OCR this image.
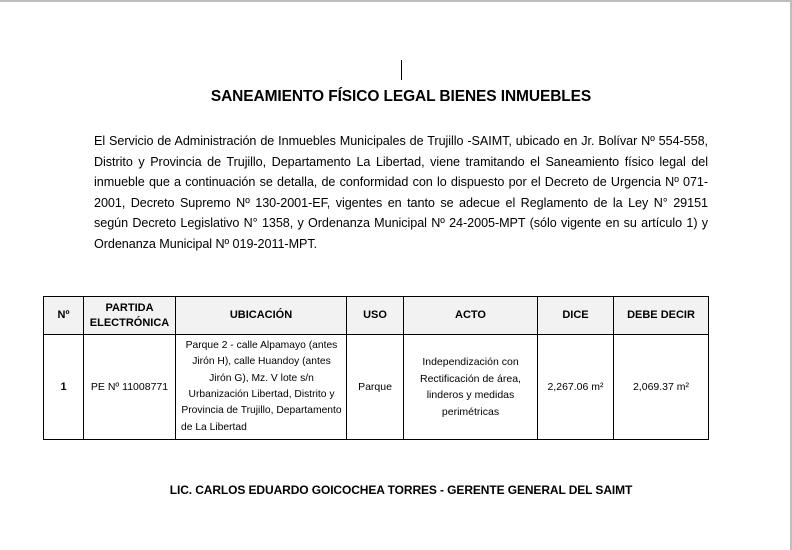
SANEAMIENTO FÍSICO LEGAL BIENES INMUEBLES

El Servicio de Administración de Inmuebles Municipales de Trujillo -SAIMT, ubicado en Jr. Bolívar Nº 554-558, Distrito y Provincia de Trujillo, Departamento La Libertad, viene tramitando el Saneamiento físico legal del inmueble que a continuación se detalla, de conformidad con lo dispuesto por el Decreto de Urgencia Nº 071-2001, Decreto Supremo Nº 130-2001-EF, vigentes en tanto se adecue el Reglamento de la Ley N° 29151 según Decreto Legislativo N° 1358, y Ordenanza Municipal Nº 24-2005-MPT (sólo vigente en su artículo 1) y Ordenanza Municipal Nº 019-2011-MPT.

Nº	PARTIDA ELECTRÓNICA	UBICACIÓN	USO	ACTO	DICE	DEBE DECIR
1	PE Nº 11008771	Parque 2 - calle Alpamayo (antes Jirón H), calle Huandoy (antes Jirón G), Mz. V lote s/n Urbanización Libertad, Distrito y Provincia de Trujillo, Departamento de La Libertad	Parque	Independización con Rectificación de área, linderos y medidas perimétricas	2,267.06 m²	2,069.37 m²
LIC. CARLOS EDUARDO GOICOCHEA TORRES - GERENTE GENERAL DEL SAIMT
